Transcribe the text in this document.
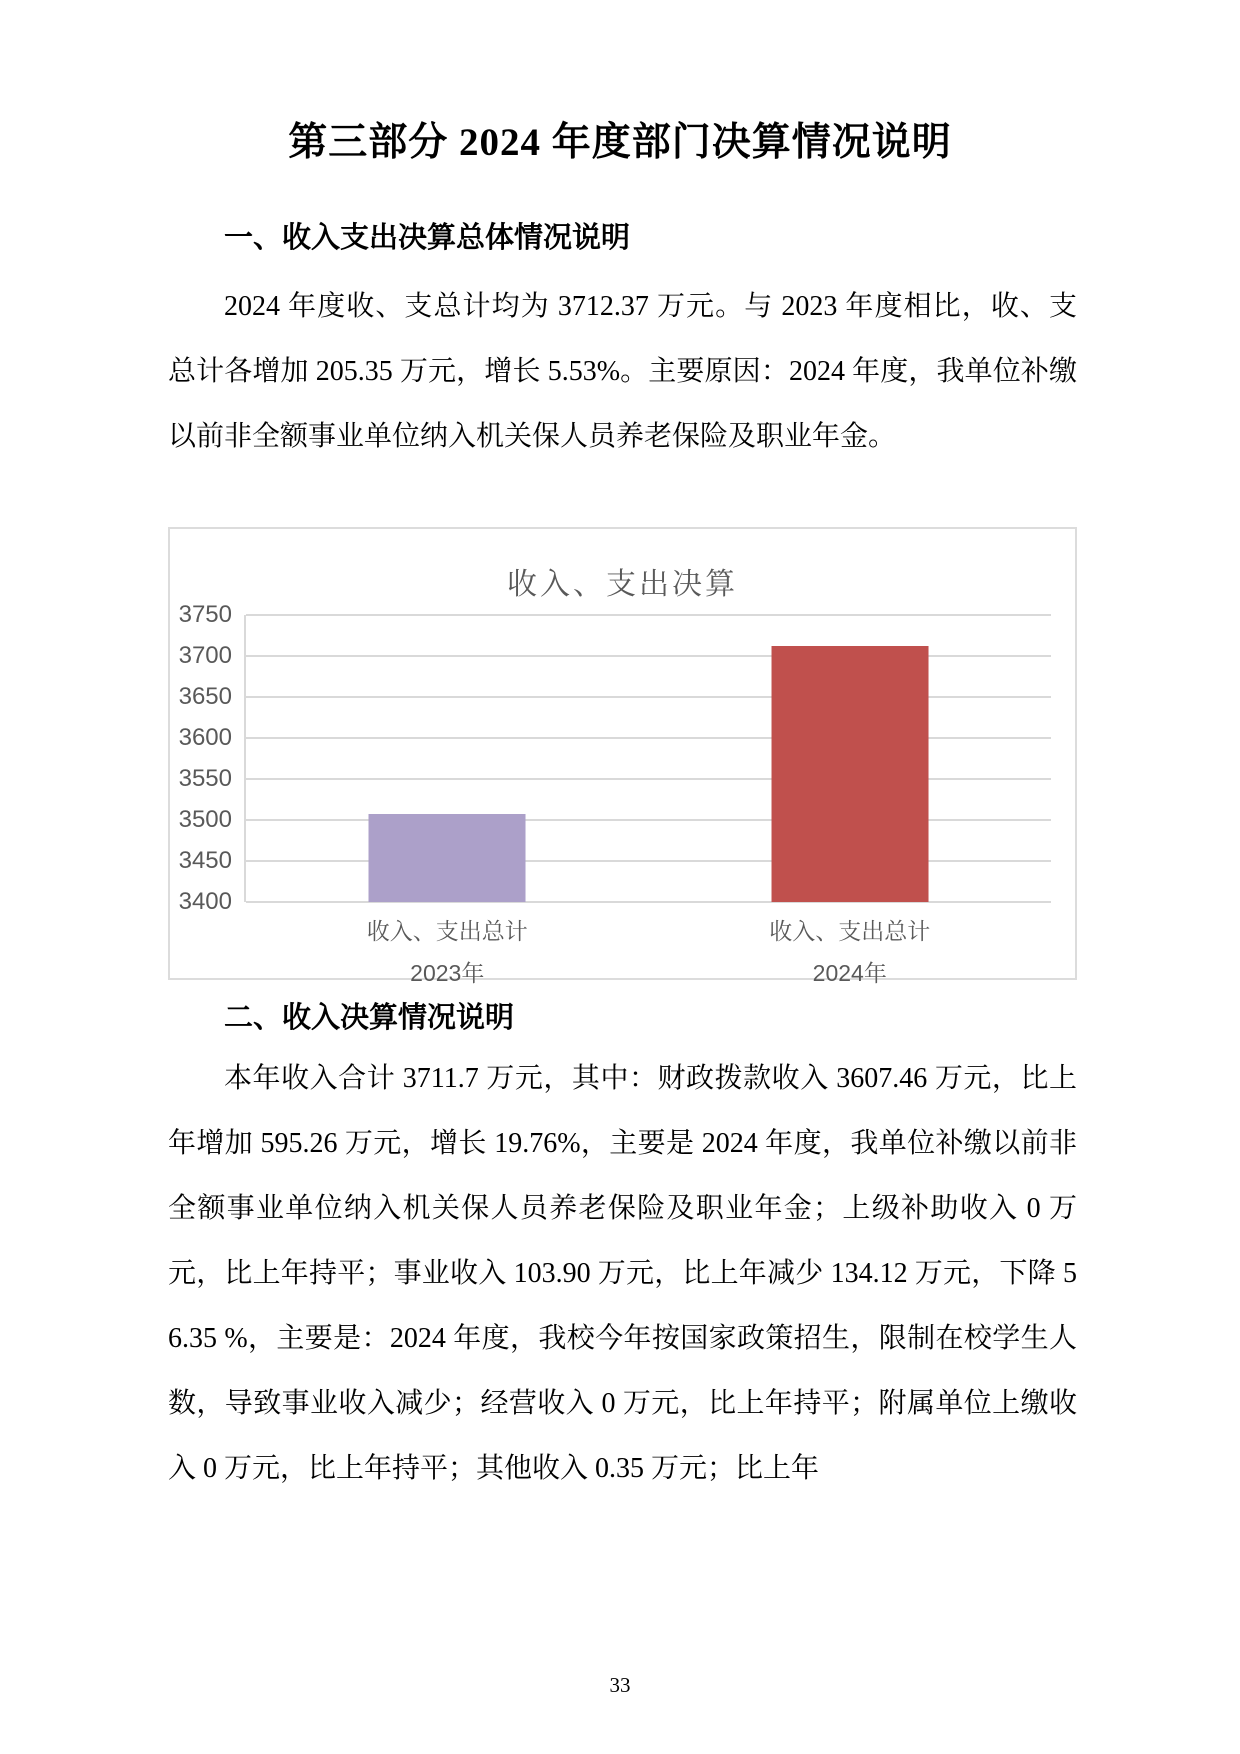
第三部分 2024 年度部门决算情况说明
一、收入支出决算总体情况说明

2024 年度收、支总计均为 3712.37 万元。与 2023 年度相比，收、支总计各增加 205.35 万元，增长 5.53%。主要原因：2024 年度，我单位补缴以前非全额事业单位纳入机关保人员养老保险及职业年金。

收入、支出决算
3400
3450
3500
3550
3600
3650
3700
3750
收入、支出总计
2023年
收入、支出总计
2024年
二、收入决算情况说明

本年收入合计 3711.7 万元，其中：财政拨款收入 3607.46 万元，比上年增加 595.26 万元，增长 19.76%，主要是 2024 年度，我单位补缴以前非全额事业单位纳入机关保人员养老保险及职业年金；上级补助收入 0 万元，比上年持平；事业收入 103.90 万元，比上年减少 134.12 万元，下降 56.35 %，主要是：2024 年度，我校今年按国家政策招生，限制在校学生人数，导致事业收入减少；经营收入 0 万元，比上年持平；附属单位上缴收入 0 万元，比上年持平；其他收入 0.35 万元；比上年

33
